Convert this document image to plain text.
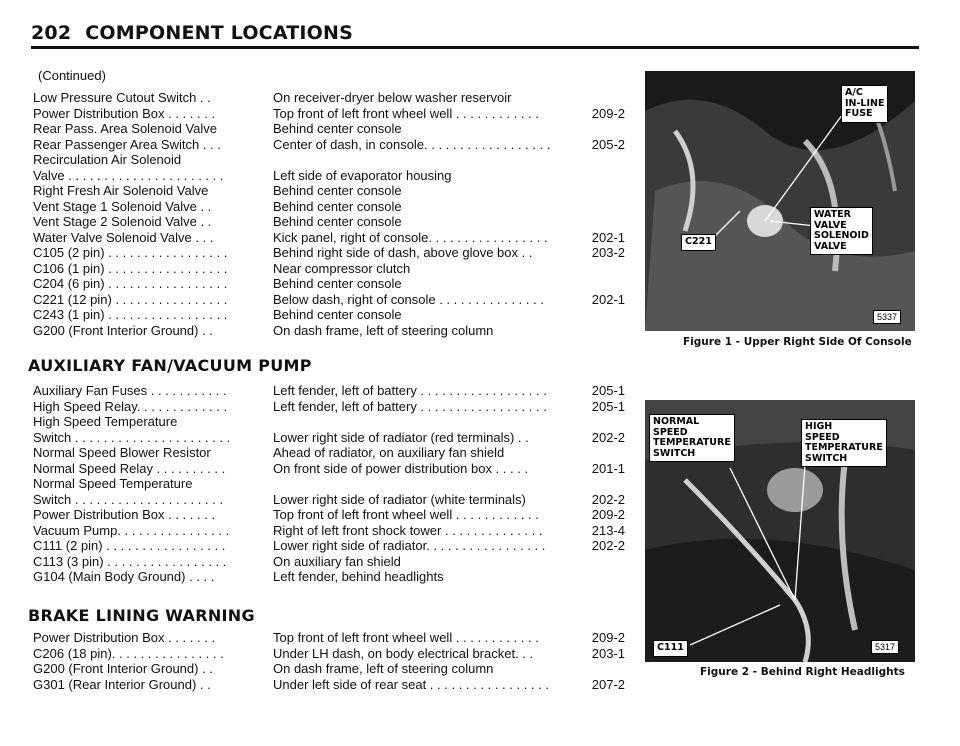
202 COMPONENT LOCATIONS
(Continued)
Low Pressure Cutout Switch . .	On receiver-dryer below washer reservoir
Power Distribution Box . . . . . . .	Top front of left front wheel well . . . . . . . . . . . .	209-2
Rear Pass. Area Solenoid Valve	Behind center console
Rear Passenger Area Switch . . .	Center of dash, in console. . . . . . . . . . . . . . . . . .	205-2
Recirculation Air Solenoid
Valve . . . . . . . . . . . . . . . . . . . . . .	Left side of evaporator housing
Right Fresh Air Solenoid Valve	Behind center console
Vent Stage 1 Solenoid Valve . .	Behind center console
Vent Stage 2 Solenoid Valve . .	Behind center console
Water Valve Solenoid Valve . . .	Kick panel, right of console. . . . . . . . . . . . . . . . .	202-1
C105 (2 pin) . . . . . . . . . . . . . . . . .	Behind right side of dash, above glove box . .	203-2
C106 (1 pin) . . . . . . . . . . . . . . . . .	Near compressor clutch
C204 (6 pin) . . . . . . . . . . . . . . . . .	Behind center console
C221 (12 pin) . . . . . . . . . . . . . . . .	Below dash, right of console . . . . . . . . . . . . . . .	202-1
C243 (1 pin) . . . . . . . . . . . . . . . . .	Behind center console
G200 (Front Interior Ground) . .	On dash frame, left of steering column
AUXILIARY FAN/VACUUM PUMP
Auxiliary Fan Fuses . . . . . . . . . . .	Left fender, left of battery . . . . . . . . . . . . . . . . . .	205-1
High Speed Relay. . . . . . . . . . . . .	Left fender, left of battery . . . . . . . . . . . . . . . . . .	205-1
High Speed Temperature
Switch . . . . . . . . . . . . . . . . . . . . . .	Lower right side of radiator (red terminals) . .	202-2
Normal Speed Blower Resistor	Ahead of radiator, on auxiliary fan shield
Normal Speed Relay . . . . . . . . . .	On front side of power distribution box . . . . .	201-1
Normal Speed Temperature
Switch . . . . . . . . . . . . . . . . . . . . .	Lower right side of radiator (white terminals)	202-2
Power Distribution Box . . . . . . .	Top front of left front wheel well . . . . . . . . . . . .	209-2
Vacuum Pump. . . . . . . . . . . . . . . .	Right of left front shock tower . . . . . . . . . . . . . .	213-4
C111 (2 pin) . . . . . . . . . . . . . . . . .	Lower right side of radiator. . . . . . . . . . . . . . . . .	202-2
C113 (3 pin) . . . . . . . . . . . . . . . . .	On auxiliary fan shield
G104 (Main Body Ground) . . . .	Left fender, behind headlights
BRAKE LINING WARNING
Power Distribution Box . . . . . . .	Top front of left front wheel well . . . . . . . . . . . .	209-2
C206 (18 pin). . . . . . . . . . . . . . . .	Under LH dash, on body electrical bracket. . .	203-1
G200 (Front Interior Ground) . .	On dash frame, left of steering column
G301 (Rear Interior Ground) . .	Under left side of rear seat . . . . . . . . . . . . . . . . .	207-2
A/C
IN-LINE
FUSE
WATER
VALVE
SOLENOID
VALVE
C221
5337
Figure 1 - Upper Right Side Of Console
NORMAL
SPEED
TEMPERATURE
SWITCH
HIGH
SPEED
TEMPERATURE
SWITCH
C111	5317
Figure 2 - Behind Right Headlights
